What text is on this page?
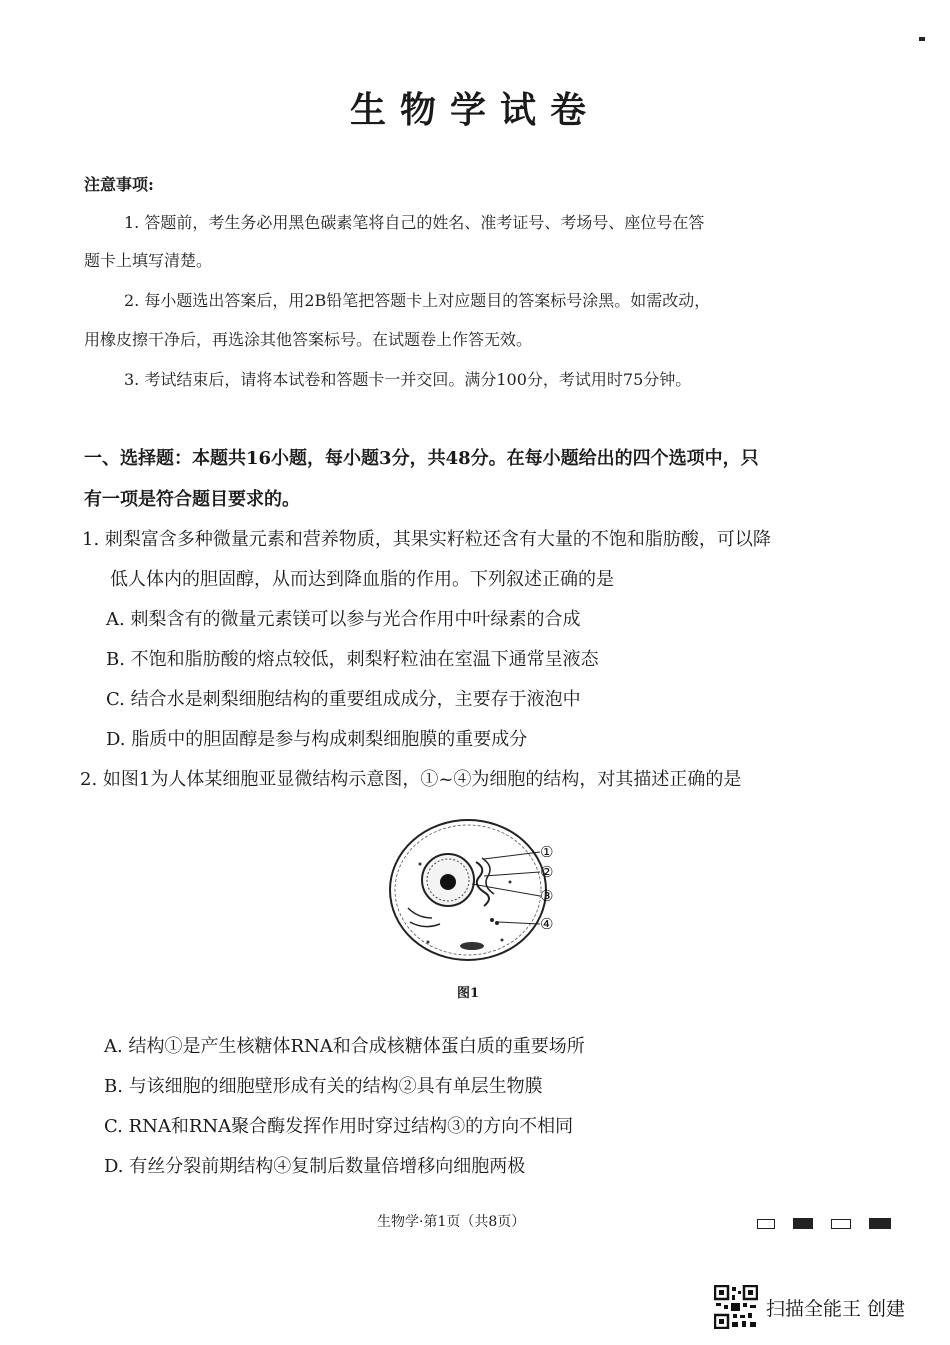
生物学试卷
注意事项:
1. 答题前，考生务必用黑色碳素笔将自己的姓名、准考证号、考场号、座位号在答
题卡上填写清楚。
2. 每小题选出答案后，用2B铅笔把答题卡上对应题目的答案标号涂黑。如需改动，
用橡皮擦干净后，再选涂其他答案标号。在试题卷上作答无效。
3. 考试结束后，请将本试卷和答题卡一并交回。满分100分，考试用时75分钟。
一、选择题：本题共16小题，每小题3分，共48分。在每小题给出的四个选项中，只
有一项是符合题目要求的。
1. 刺梨富含多种微量元素和营养物质，其果实籽粒还含有大量的不饱和脂肪酸，可以降
低人体内的胆固醇，从而达到降血脂的作用。下列叙述正确的是
A. 刺梨含有的微量元素镁可以参与光合作用中叶绿素的合成
B. 不饱和脂肪酸的熔点较低，刺梨籽粒油在室温下通常呈液态
C. 结合水是刺梨细胞结构的重要组成成分，主要存于液泡中
D. 脂质中的胆固醇是参与构成刺梨细胞膜的重要成分
2. 如图1为人体某细胞亚显微结构示意图，①~④为细胞的结构，对其描述正确的是
①
②
③
④
图1
A. 结构①是产生核糖体RNA和合成核糖体蛋白质的重要场所
B. 与该细胞的细胞壁形成有关的结构②具有单层生物膜
C. RNA和RNA聚合酶发挥作用时穿过结构③的方向不相同
D. 有丝分裂前期结构④复制后数量倍增移向细胞两极
生物学·第1页（共8页）
扫描全能王 创建
